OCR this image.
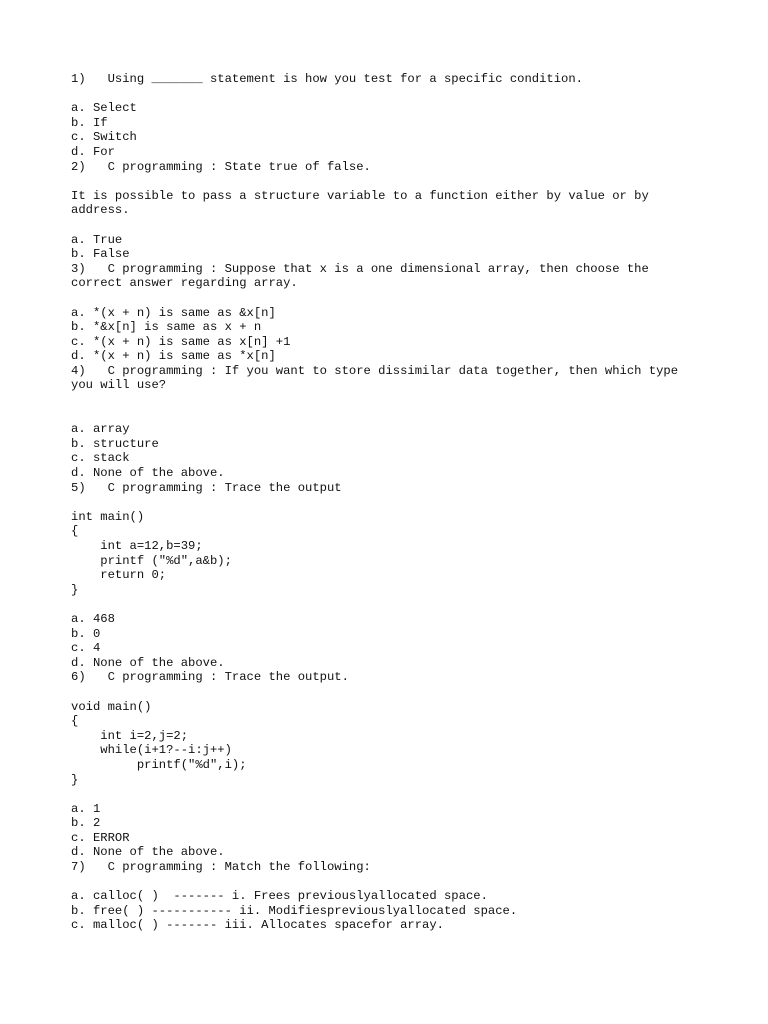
1)   Using _______ statement is how you test for a specific condition.
a. Select
b. If
c. Switch
d. For
2)   C programming : State true of false.
It is possible to pass a structure variable to a function either by value or by
address.
a. True
b. False
3)   C programming : Suppose that x is a one dimensional array, then choose the
correct answer regarding array.
a. *(x + n) is same as &x[n]
b. *&x[n] is same as x + n
c. *(x + n) is same as x[n] +1
d. *(x + n) is same as *x[n]
4)   C programming : If you want to store dissimilar data together, then which type
you will use?
a. array
b. structure
c. stack
d. None of the above.
5)   C programming : Trace the output
int main()
{
int a=12,b=39;
printf ("%d",a&b);
return 0;
}
a. 468
b. 0
c. 4
d. None of the above.
6)   C programming : Trace the output.
void main()
{
int i=2,j=2;
while(i+1?--i:j++)
printf("%d",i);
}
a. 1
b. 2
c. ERROR
d. None of the above.
7)   C programming : Match the following:
a. calloc( )  ------- i. Frees previouslyallocated space.
b. free( ) ----------- ii. Modifiespreviouslyallocated space.
c. malloc( ) ------- iii. Allocates spacefor array.
